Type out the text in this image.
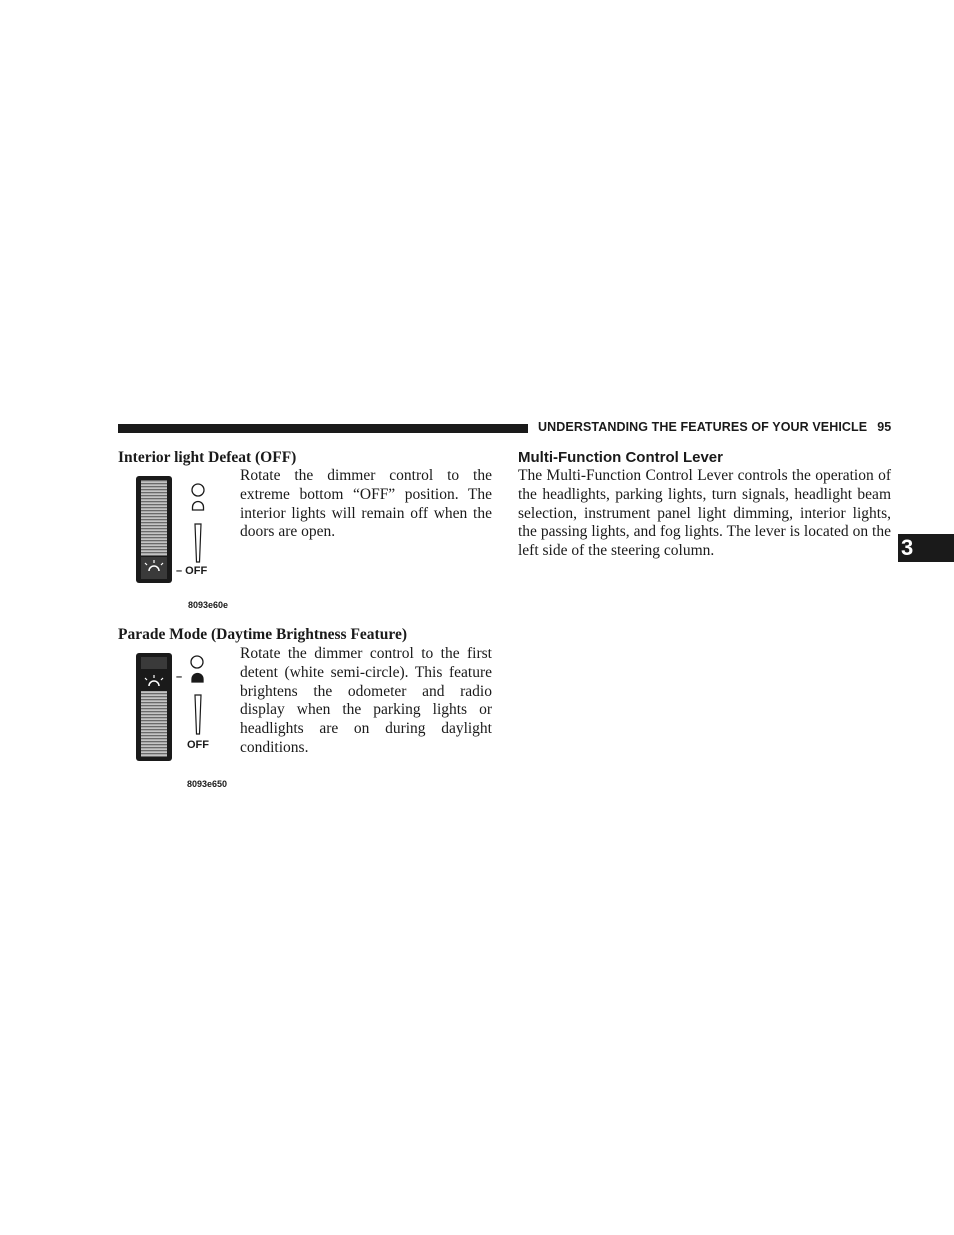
UNDERSTANDING THE FEATURES OF YOUR VEHICLE 95
3
Interior light Defeat (OFF)
– OFF
8093e60e
Rotate the dimmer control to the extreme bottom “OFF” position. The interior lights will remain off when the doors are open.
Parade Mode (Daytime Brightness Feature)
–
OFF
8093e650
Rotate the dimmer control to the first detent (white semi-circle). This feature brightens the odometer and radio display when the parking lights or headlights are on during daylight conditions.
Multi-Function Control Lever
The Multi-Function Control Lever controls the operation of the headlights, parking lights, turn signals, headlight beam selection, instrument panel light dimming, interior lights, the passing lights, and fog lights. The lever is located on the left side of the steering column.
